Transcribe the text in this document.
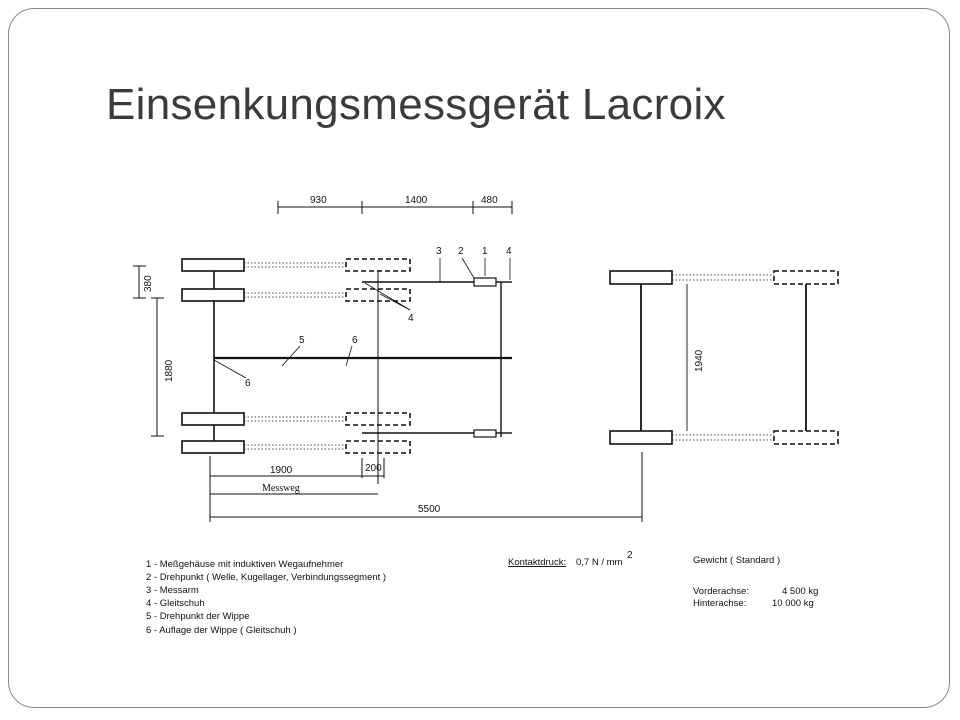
Einsenkungsmessgerät Lacroix
930	1400	480
380
1880
3 2 1 4
4
5	6
6
1900	200
Messweg
5500
1940
1 - Meßgehäuse mit induktiven Wegaufnehmer
2 - Drehpunkt ( Welle, Kugellager, Verbindungssegment )
3 - Messarm
4 - Gleitschuh
5 - Drehpunkt der Wippe
6 - Auflage der Wippe ( Gleitschuh )
Kontaktdruck: 0,7 N / mm
2	Gewicht ( Standard )
Vorderachse:	4 500 kg
Hinterachse:	10 000 kg
